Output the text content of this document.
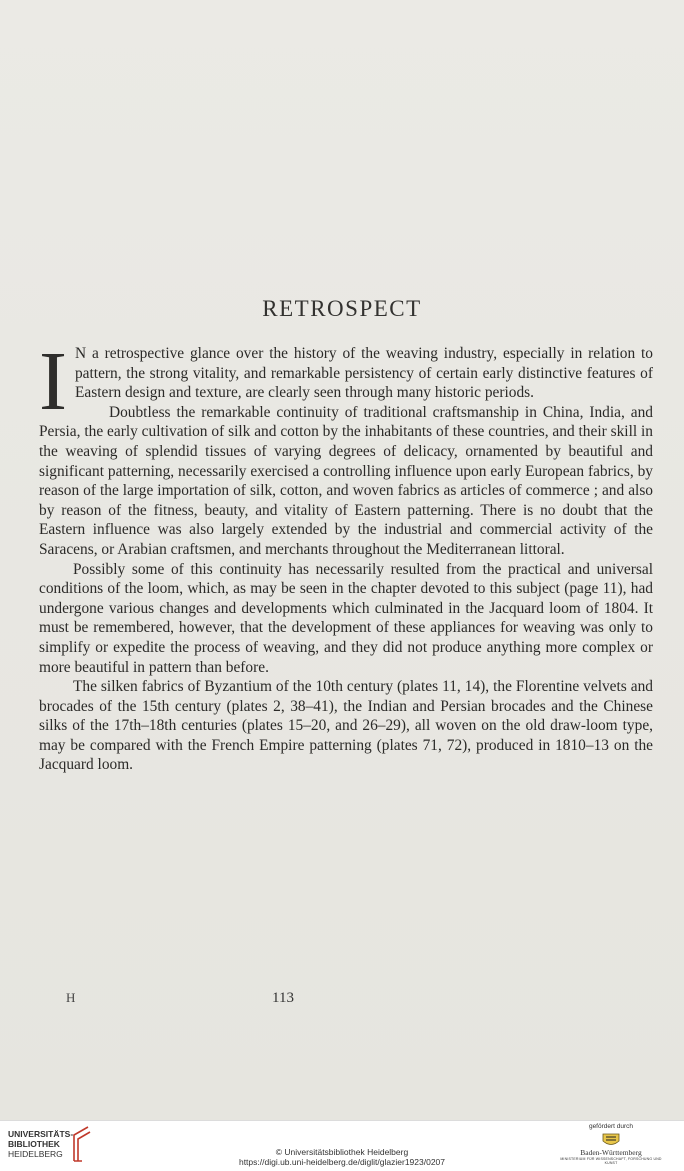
RETROSPECT

I N a retrospective glance over the history of the weaving industry, especially in relation to pattern, the strong vitality, and remarkable persistency of certain early distinctive features of Eastern design and texture, are clearly seen through many historic periods.

Doubtless the remarkable continuity of traditional craftsmanship in China, India, and Persia, the early cultivation of silk and cotton by the inhabitants of these countries, and their skill in the weaving of splendid tissues of varying degrees of delicacy, ornamented by beautiful and significant patterning, necessarily exercised a controlling influence upon early European fabrics, by reason of the large importation of silk, cotton, and woven fabrics as articles of commerce ; and also by reason of the fitness, beauty, and vitality of Eastern patterning. There is no doubt that the Eastern influence was also largely extended by the industrial and commercial activity of the Saracens, or Arabian craftsmen, and merchants throughout the Mediterranean littoral.

Possibly some of this continuity has necessarily resulted from the practical and universal conditions of the loom, which, as may be seen in the chapter devoted to this subject (page 11), had undergone various changes and developments which culminated in the Jacquard loom of 1804. It must be remembered, however, that the development of these appliances for weaving was only to simplify or expedite the process of weaving, and they did not produce anything more complex or more beautiful in pattern than before.

The silken fabrics of Byzantium of the 10th century (plates 11, 14), the Florentine velvets and brocades of the 15th century (plates 2, 38–41), the Indian and Persian brocades and the Chinese silks of the 17th–18th centuries (plates 15–20, and 26–29), all woven on the old draw-loom type, may be compared with the French Empire patterning (plates 71, 72), produced in 1810–13 on the Jacquard loom.

H	113
UNIVERSITÄTS-
BIBLIOTHEK
HEIDELBERG	© Universitätsbibliothek Heidelberg
https://digi.ub.uni-heidelberg.de/diglit/glazier1923/0207
gefördert durch
Baden-Württemberg
MINISTERIUM FÜR WISSENSCHAFT, FORSCHUNG UND KUNST
